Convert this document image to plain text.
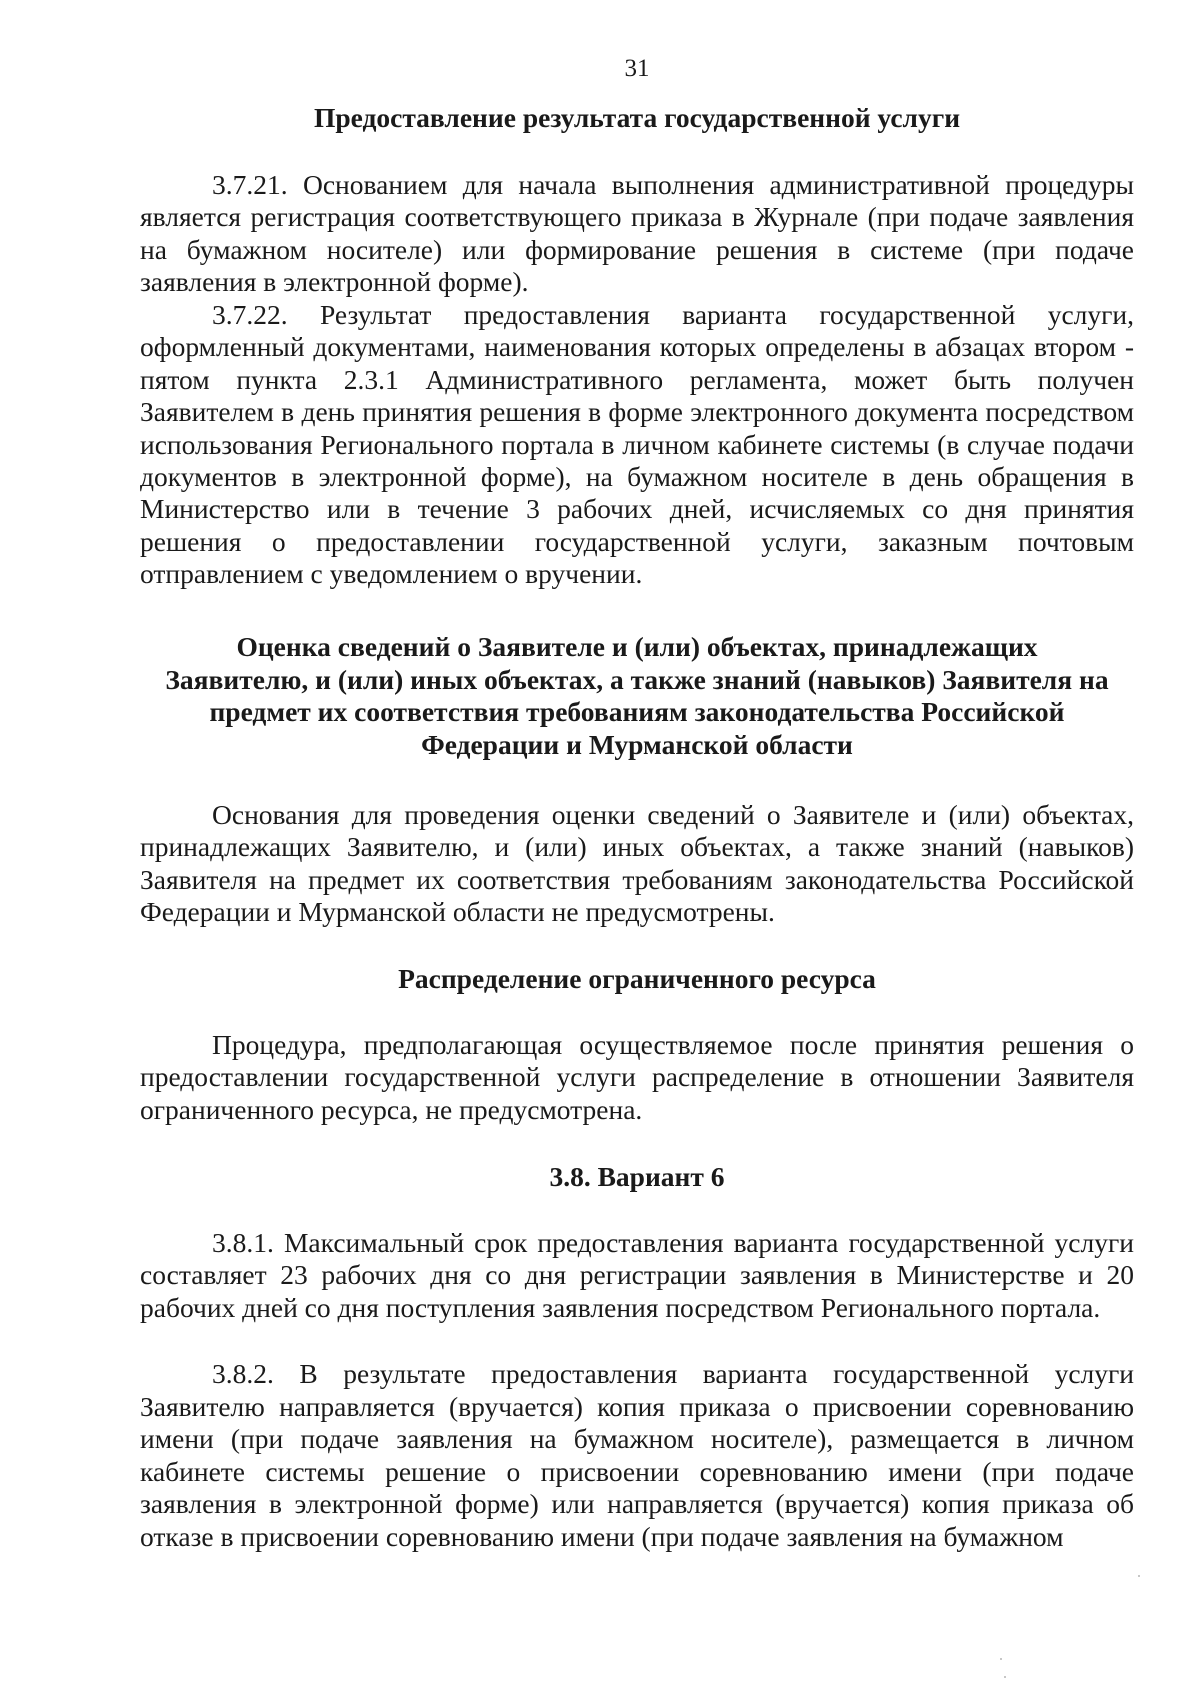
31
Предоставление результата государственной услуги
3.7.21. Основанием для начала выполнения административной процедуры является регистрация соответствующего приказа в Журнале (при подаче заявления на бумажном носителе) или формирование решения в системе (при подаче заявления в электронной форме).
3.7.22. Результат предоставления варианта государственной услуги, оформленный документами, наименования которых определены в абзацах втором - пятом пункта 2.3.1 Административного регламента, может быть получен Заявителем в день принятия решения в форме электронного документа посредством использования Регионального портала в личном кабинете системы (в случае подачи документов в электронной форме), на бумажном носителе в день обращения в Министерство или в течение 3 рабочих дней, исчисляемых со дня принятия решения о предоставлении государственной услуги, заказным почтовым отправлением с уведомлением о вручении.
Оценка сведений о Заявителе и (или) объектах, принадлежащих
Заявителю, и (или) иных объектах, а также знаний (навыков) Заявителя на
предмет их соответствия требованиям законодательства Российской
Федерации и Мурманской области
Основания для проведения оценки сведений о Заявителе и (или) объектах, принадлежащих Заявителю, и (или) иных объектах, а также знаний (навыков) Заявителя на предмет их соответствия требованиям законодательства Российской Федерации и Мурманской области не предусмотрены.
Распределение ограниченного ресурса
Процедура, предполагающая осуществляемое после принятия решения о предоставлении государственной услуги распределение в отношении Заявителя ограниченного ресурса, не предусмотрена.
3.8. Вариант 6
3.8.1. Максимальный срок предоставления варианта государственной услуги составляет 23 рабочих дня со дня регистрации заявления в Министерстве и 20 рабочих дней со дня поступления заявления посредством Регионального портала.
3.8.2. В результате предоставления варианта государственной услуги Заявителю направляется (вручается) копия приказа о присвоении соревнованию имени (при подаче заявления на бумажном носителе), размещается в личном кабинете системы решение о присвоении соревнованию имени (при подаче заявления в электронной форме) или направляется (вручается) копия приказа об отказе в присвоении соревнованию имени (при подаче заявления на бумажном
